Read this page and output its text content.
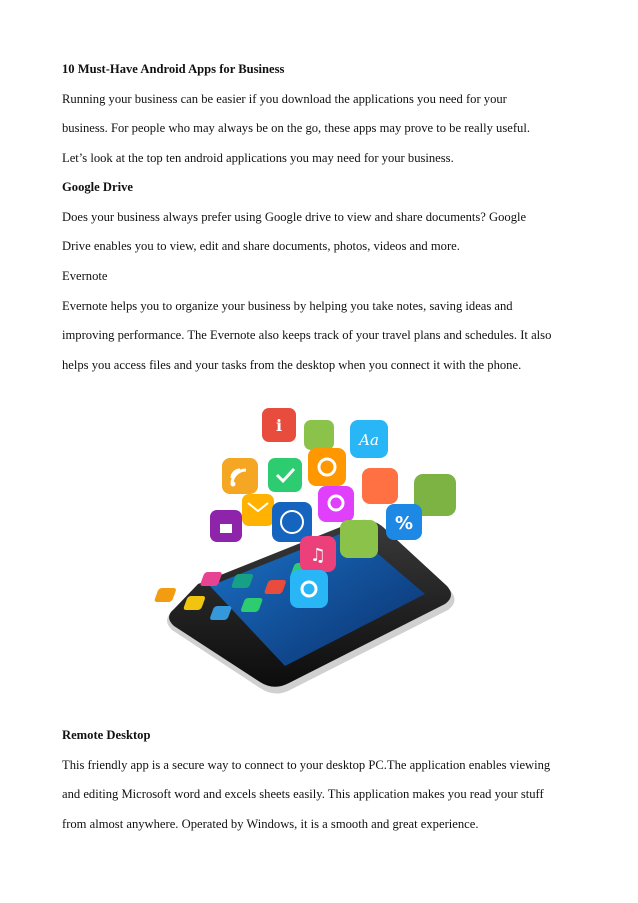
10 Must-Have Android Apps for Business

Running your business can be easier if you download the applications you need for your

business. For people who may always be on the go, these apps may prove to be really useful.

Let’s look at the top ten android applications you may need for your business.

Google Drive

Does your business always prefer using Google drive to view and share documents? Google

Drive enables you to view, edit and share documents, photos, videos and more.

Evernote

Evernote helps you to organize your business by helping you take notes, saving ideas and

improving performance. The Evernote also keeps track of your travel plans and schedules. It also

helps you access files and your tasks from the desktop when you connect it with the phone.

i
Aa
%
♫

Remote Desktop

This friendly app is a secure way to connect to your desktop PC.The application enables viewing

and editing Microsoft word and excels sheets easily. This application makes you read your stuff

from almost anywhere. Operated by Windows, it is a smooth and great experience.
